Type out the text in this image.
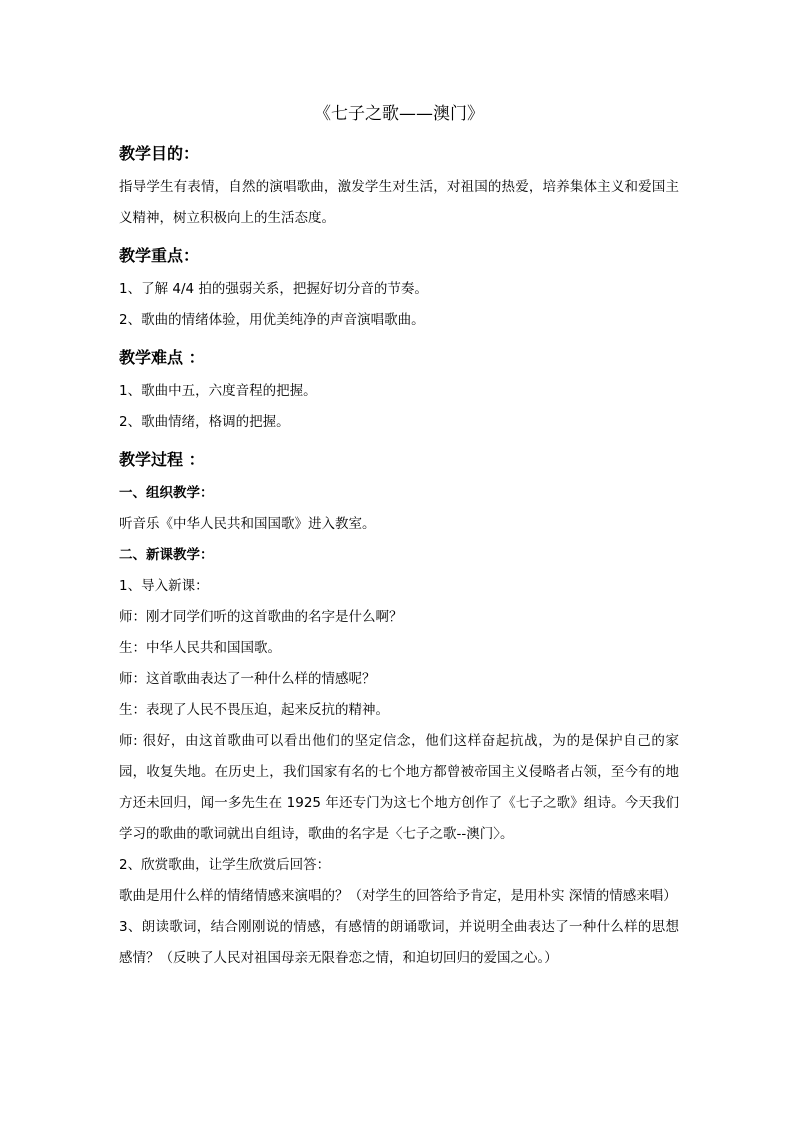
《七子之歌——澳门》
教学目的：

指导学生有表情，自然的演唱歌曲，激发学生对生活，对祖国的热爱，培养集体主义和爱国主义精神，树立积极向上的生活态度。

教学重点：

1、了解 4/4 拍的强弱关系，把握好切分音的节奏。

2、歌曲的情绪体验，用优美纯净的声音演唱歌曲。

教学难点 ：

1、歌曲中五，六度音程的把握。

2、歌曲情绪，格调的把握。

教学过程 ：

一、组织教学：

听音乐《中华人民共和国国歌》进入教室。

二、新课教学：

1、导入新课：

师：刚才同学们听的这首歌曲的名字是什么啊？

生：中华人民共和国国歌。

师：这首歌曲表达了一种什么样的情感呢？

生：表现了人民不畏压迫，起来反抗的精神。

师: 很好，由这首歌曲可以看出他们的坚定信念，他们这样奋起抗战，为的是保护自己的家园，收复失地。在历史上，我们国家有名的七个地方都曾被帝国主义侵略者占领，至今有的地方还未回归，闻一多先生在 1925 年还专门为这七个地方创作了《七子之歌》组诗。今天我们学习的歌曲的歌词就出自组诗，歌曲的名字是〈七子之歌--澳门〉。

2、欣赏歌曲，让学生欣赏后回答：

歌曲是用什么样的情绪情感来演唱的？（对学生的回答给予肯定，是用朴实 深情的情感来唱）

3、朗读歌词，结合刚刚说的情感，有感情的朗诵歌词，并说明全曲表达了一种什么样的思想感情？（反映了人民对祖国母亲无限眷恋之情，和迫切回归的爱国之心。）
